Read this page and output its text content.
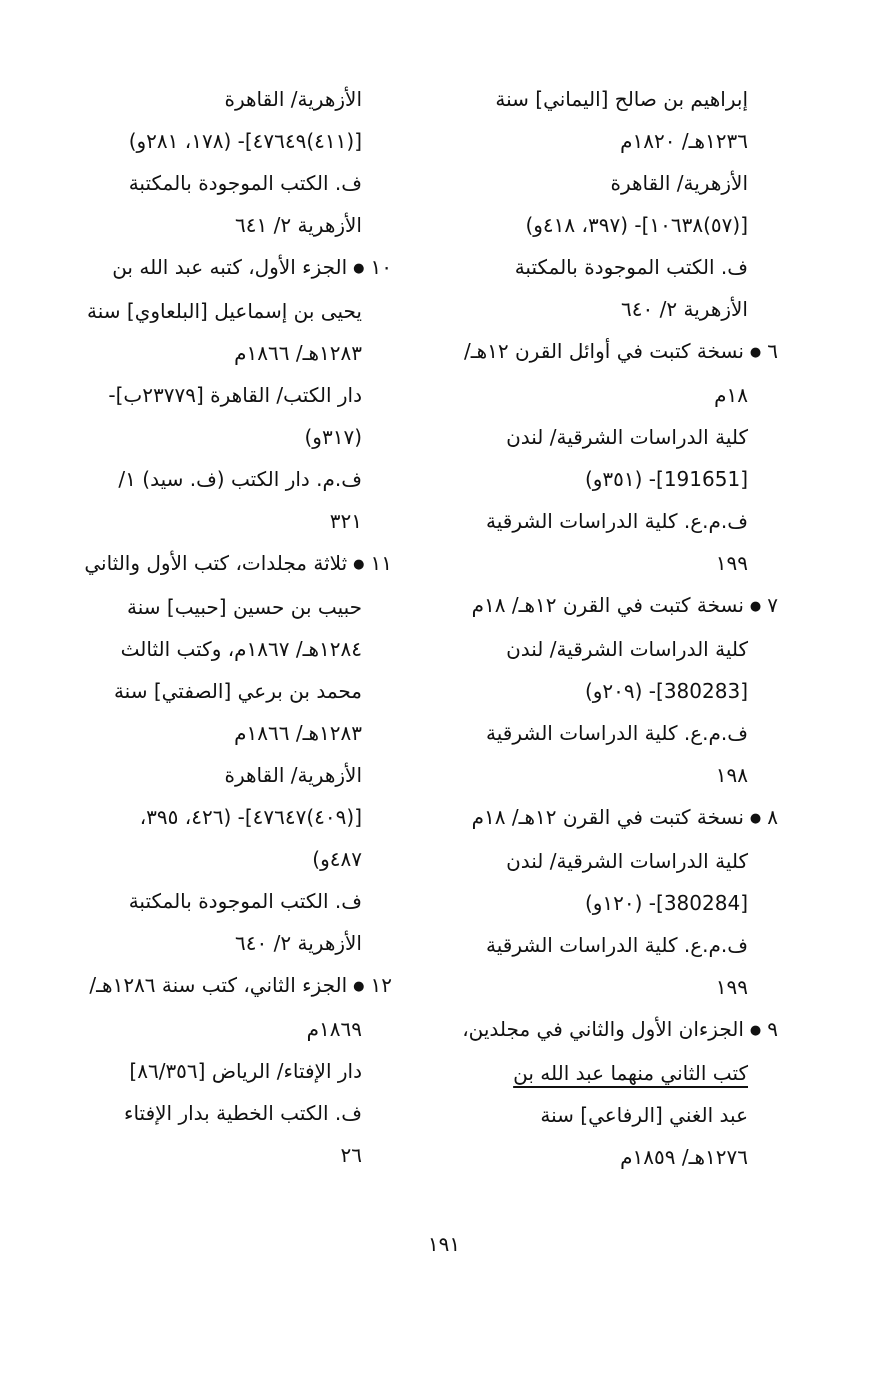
إبراهيم بن صالح [اليماني] سنة
١٢٣٦هـ/ ١٨٢٠م
الأزهرية/ القاهرة
[(٥٧)١٠٦٣٨]- (٣٩٧، ٤١٨و)
ف. الكتب الموجودة بالمكتبة
الأزهرية ٢/ ٦٤٠
٦●نسخة كتبت في أوائل القرن ١٢هـ/
١٨م
كلية الدراسات الشرقية/ لندن
[191651]- (٣٥١و)
ف.م.ع. كلية الدراسات الشرقية
١٩٩
٧●نسخة كتبت في القرن ١٢هـ/ ١٨م
كلية الدراسات الشرقية/ لندن
[380283]- (٢٠٩و)
ف.م.ع. كلية الدراسات الشرقية
١٩٨
٨●نسخة كتبت في القرن ١٢هـ/ ١٨م
كلية الدراسات الشرقية/ لندن
[380284]- (١٢٠و)
ف.م.ع. كلية الدراسات الشرقية
١٩٩
٩●الجزءان الأول والثاني في مجلدين،
كتب الثاني منهما عبد الله بن
عبد الغني [الرفاعي] سنة
١٢٧٦هـ/ ١٨٥٩م
الأزهرية/ القاهرة
[(٤١١)٤٧٦٤٩]- (١٧٨، ٢٨١و)
ف. الكتب الموجودة بالمكتبة
الأزهرية ٢/ ٦٤١
١٠●الجزء الأول، كتبه عبد الله بن
يحيى بن إسماعيل [البلعاوي] سنة
١٢٨٣هـ/ ١٨٦٦م
دار الكتب/ القاهرة [٢٣٧٧٩ب]-
(٣١٧و)
ف.م. دار الكتب (ف. سيد) ١/
٣٢١
١١●ثلاثة مجلدات، كتب الأول والثاني
حبيب بن حسين [حبيب] سنة
١٢٨٤هـ/ ١٨٦٧م، وكتب الثالث
محمد بن برعي [الصفتي] سنة
١٢٨٣هـ/ ١٨٦٦م
الأزهرية/ القاهرة
[(٤٠٩)٤٧٦٤٧]- (٤٢٦، ٣٩٥،
٤٨٧و)
ف. الكتب الموجودة بالمكتبة
الأزهرية ٢/ ٦٤٠
١٢●الجزء الثاني، كتب سنة ١٢٨٦هـ/
١٨٦٩م
دار الإفتاء/ الرياض [٨٦/٣٥٦]
ف. الكتب الخطية بدار الإفتاء
٢٦
١٩١
